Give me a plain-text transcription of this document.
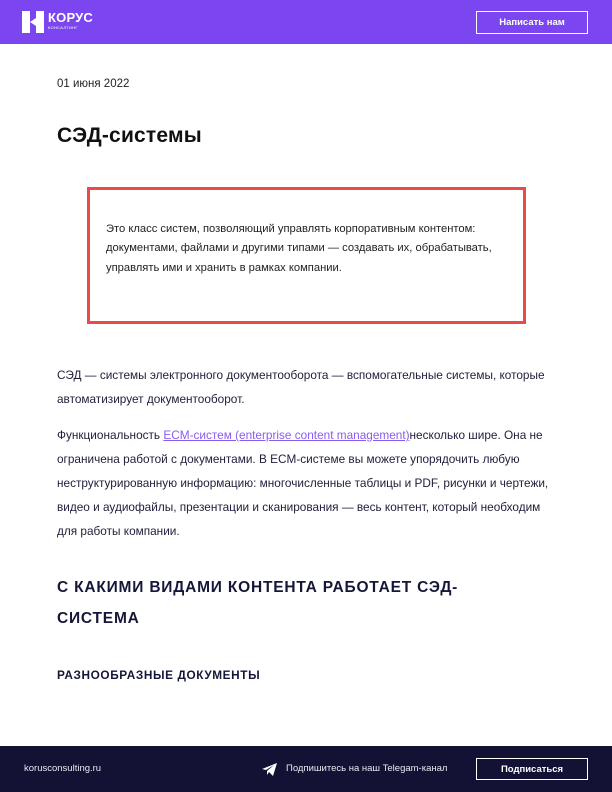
КОРУС
КОНСАЛТИНГ	Написать нам
01 июня 2022
СЭД-системы

Это класс систем, позволяющий управлять корпоративным контентом: документами, файлами и другими типами — создавать их, обрабатывать, управлять ими и хранить в рамках компании.

СЭД — системы электронного документооборота — вспомогательные системы, которые автоматизирует документооборот.

Функциональность ECM-систем (enterprise content management)несколько шире. Она не ограничена работой с документами. В ECM-системе вы можете упорядочить любую неструктурированную информацию: многочисленные таблицы и PDF, рисунки и чертежи, видео и аудиофайлы, презентации и сканирования — весь контент, который необходим для работы компании.

С КАКИМИ ВИДАМИ КОНТЕНТА РАБОТАЕТ СЭД-СИСТЕМА
РАЗНООБРАЗНЫЕ ДОКУМЕНТЫ
korusconsulting.ru	Подпишитесь на наш Telegam-канал	Подписаться
